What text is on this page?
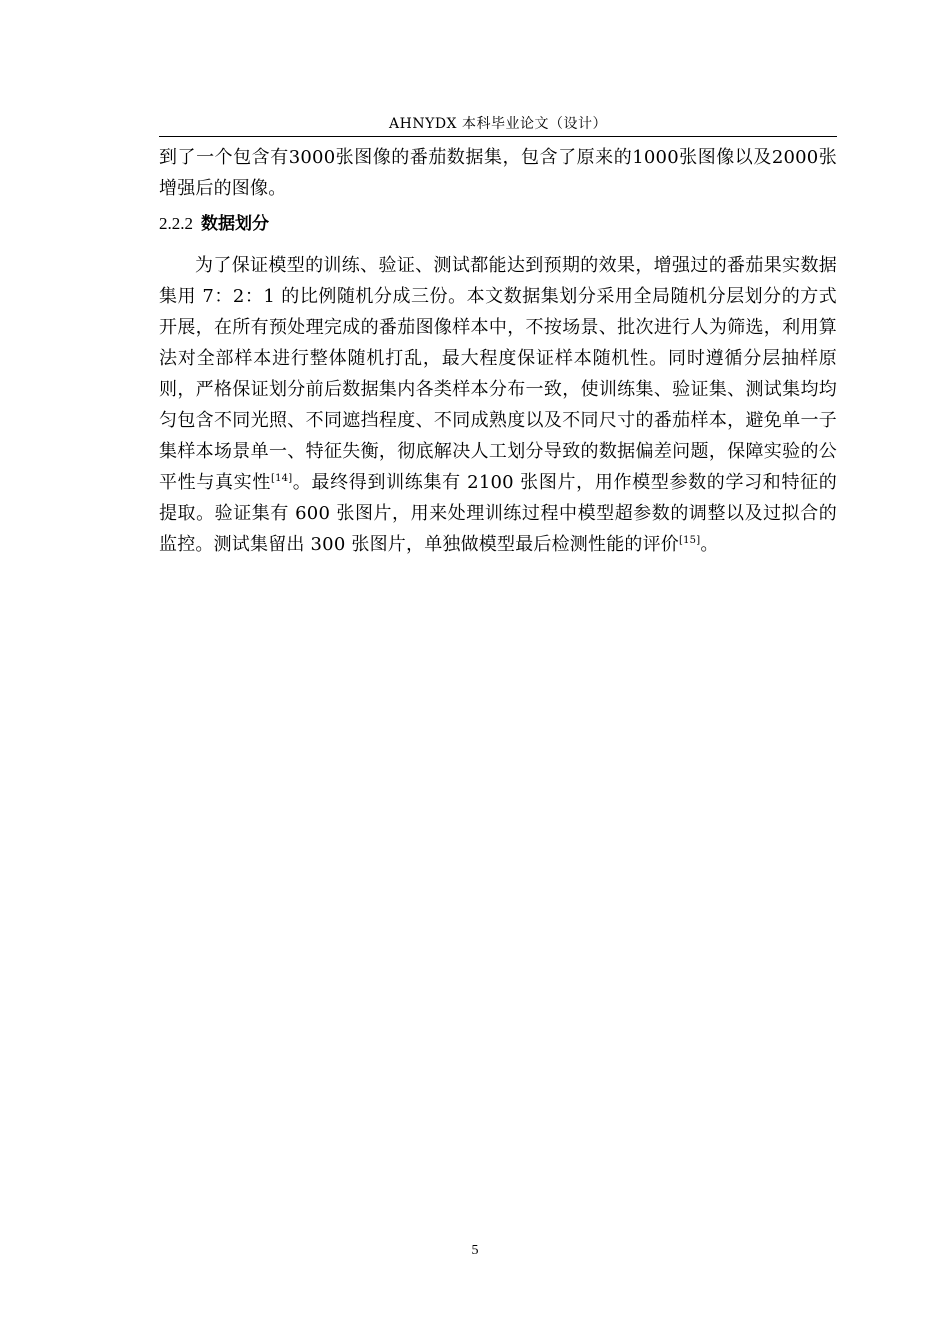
AHNYDX 本科毕业论文（设计）
到了一个包含有3000张图像的番茄数据集，包含了原来的1000张图像以及2000张增强后的图像。
2.2.2 数据划分
为了保证模型的训练、验证、测试都能达到预期的效果，增强过的番茄果实数据集用 7：2：1 的比例随机分成三份。本文数据集划分采用全局随机分层划分的方式开展，在所有预处理完成的番茄图像样本中，不按场景、批次进行人为筛选，利用算法对全部样本进行整体随机打乱，最大程度保证样本随机性。同时遵循分层抽样原则，严格保证划分前后数据集内各类样本分布一致，使训练集、验证集、测试集均均匀包含不同光照、不同遮挡程度、不同成熟度以及不同尺寸的番茄样本，避免单一子集样本场景单一、特征失衡，彻底解决人工划分导致的数据偏差问题，保障实验的公平性与真实性[14]。最终得到训练集有 2100 张图片，用作模型参数的学习和特征的提取。验证集有 600 张图片，用来处理训练过程中模型超参数的调整以及过拟合的监控。测试集留出 300 张图片，单独做模型最后检测性能的评价[15]。
5
